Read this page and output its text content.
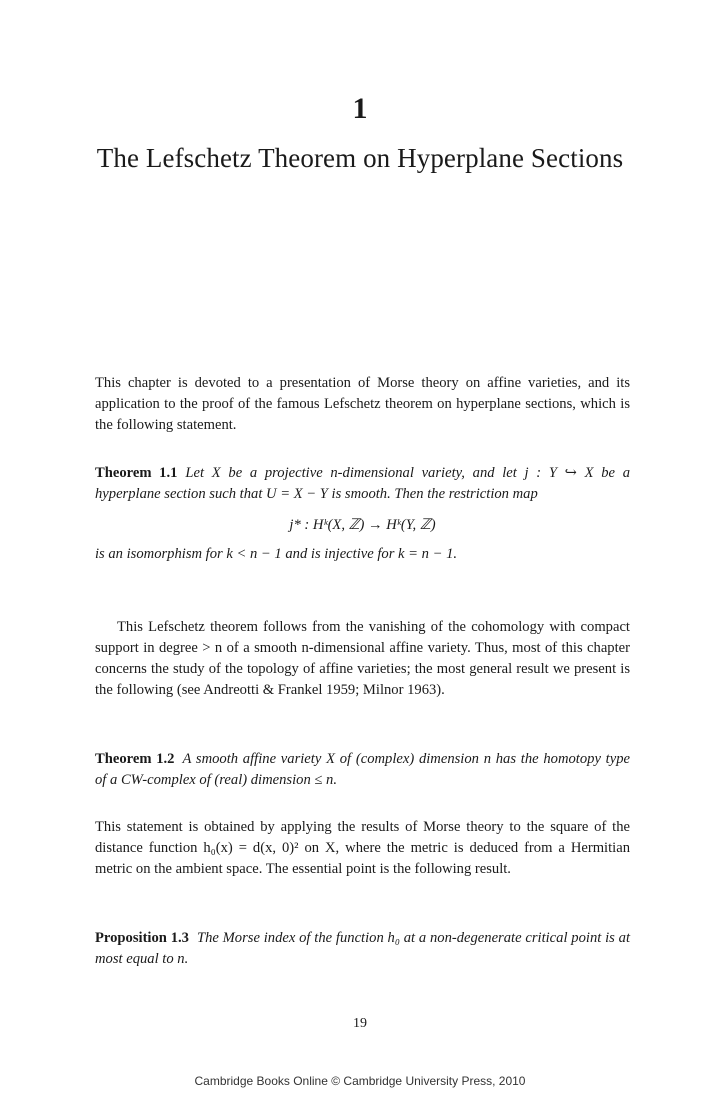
1
The Lefschetz Theorem on Hyperplane Sections
This chapter is devoted to a presentation of Morse theory on affine varieties, and its application to the proof of the famous Lefschetz theorem on hyperplane sections, which is the following statement.
Theorem 1.1 Let X be a projective n-dimensional variety, and let j : Y ↪ X be a hyperplane section such that U = X − Y is smooth. Then the restriction map
j* : Hᵏ(X, ℤ) → Hᵏ(Y, ℤ)
is an isomorphism for k < n − 1 and is injective for k = n − 1.
This Lefschetz theorem follows from the vanishing of the cohomology with compact support in degree > n of a smooth n-dimensional affine variety. Thus, most of this chapter concerns the study of the topology of affine varieties; the most general result we present is the following (see Andreotti & Frankel 1959; Milnor 1963).
Theorem 1.2 A smooth affine variety X of (complex) dimension n has the homotopy type of a CW-complex of (real) dimension ≤ n.
This statement is obtained by applying the results of Morse theory to the square of the distance function h₀(x) = d(x, 0)² on X, where the metric is deduced from a Hermitian metric on the ambient space. The essential point is the following result.
Proposition 1.3 The Morse index of the function h₀ at a non-degenerate critical point is at most equal to n.
19
Cambridge Books Online © Cambridge University Press, 2010
